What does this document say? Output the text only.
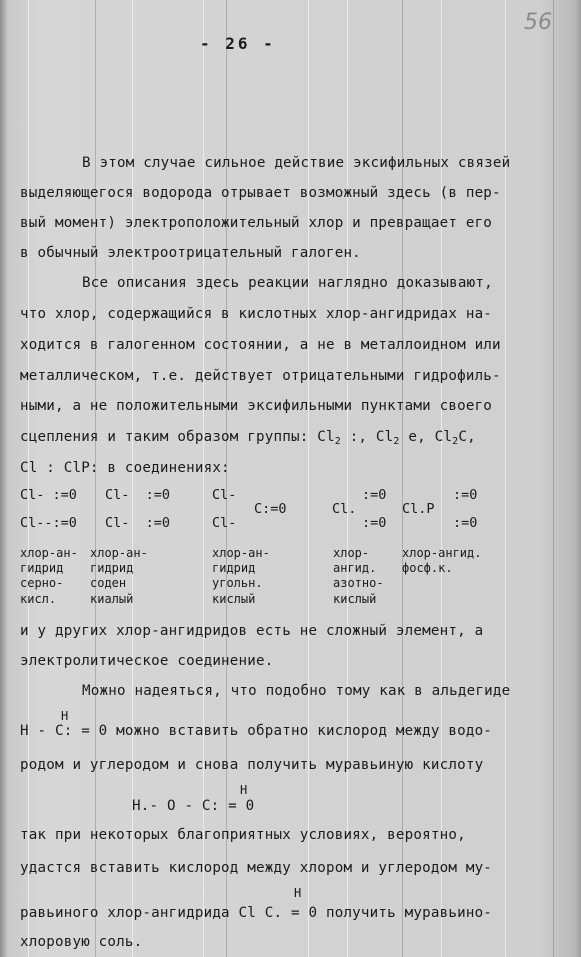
- 26 -
56
В этом случае сильное действие эксифильных связей
выделяющегося водорода отрывает возможный здесь (в пер-
вый момент) электроположительный хлор и превращает его
в обычный электроотрицательный галоген.
Все описания здесь реакции наглядно доказывают,
что хлор, содержащийся в кислотных хлор-ангидридах на-
ходится в галогенном состоянии, а не в металлоидном или
металлическом, т.е. действует отрицательными гидрофиль-
ными, а не положительными эксифильными пунктами своего
сцепления и таким образом группы: $Cl_2$ :, $Cl_2$ e, $Cl_2C$,
Cl : ClP: в соединениях:
Cl- :=0
Cl--:=0
Cl-  :=0
Cl-  :=0
Cl-
C:=0
Cl-
:=0
Cl.
:=0
:=0
Cl.P
:=0
хлор-ан-
гидрид
серно-
кисл.
хлор-ан-
гидрид
соден
киалый
хлор-ан-
гидрид
угольн.
кислый
хлор-
ангид.
азотно-
кислый
хлор-ангид.
фосф.к.
и у других хлор-ангидридов есть не сложный элемент, а
электролитическое соединение.
Можно надеяться, что подобно тому как в альдегиде
H
H - C: = 0 можно вставить обратно кислород между водо-
родом и углеродом и снова получить муравьиную кислоту
H
H.- O - C: = 0
так при некоторых благоприятных условиях, вероятно,
удастся вставить кислород между хлором и углеродом му-
H
равьиного хлор-ангидрида Cl C. = 0 получить муравьино-
хлоровую соль.
